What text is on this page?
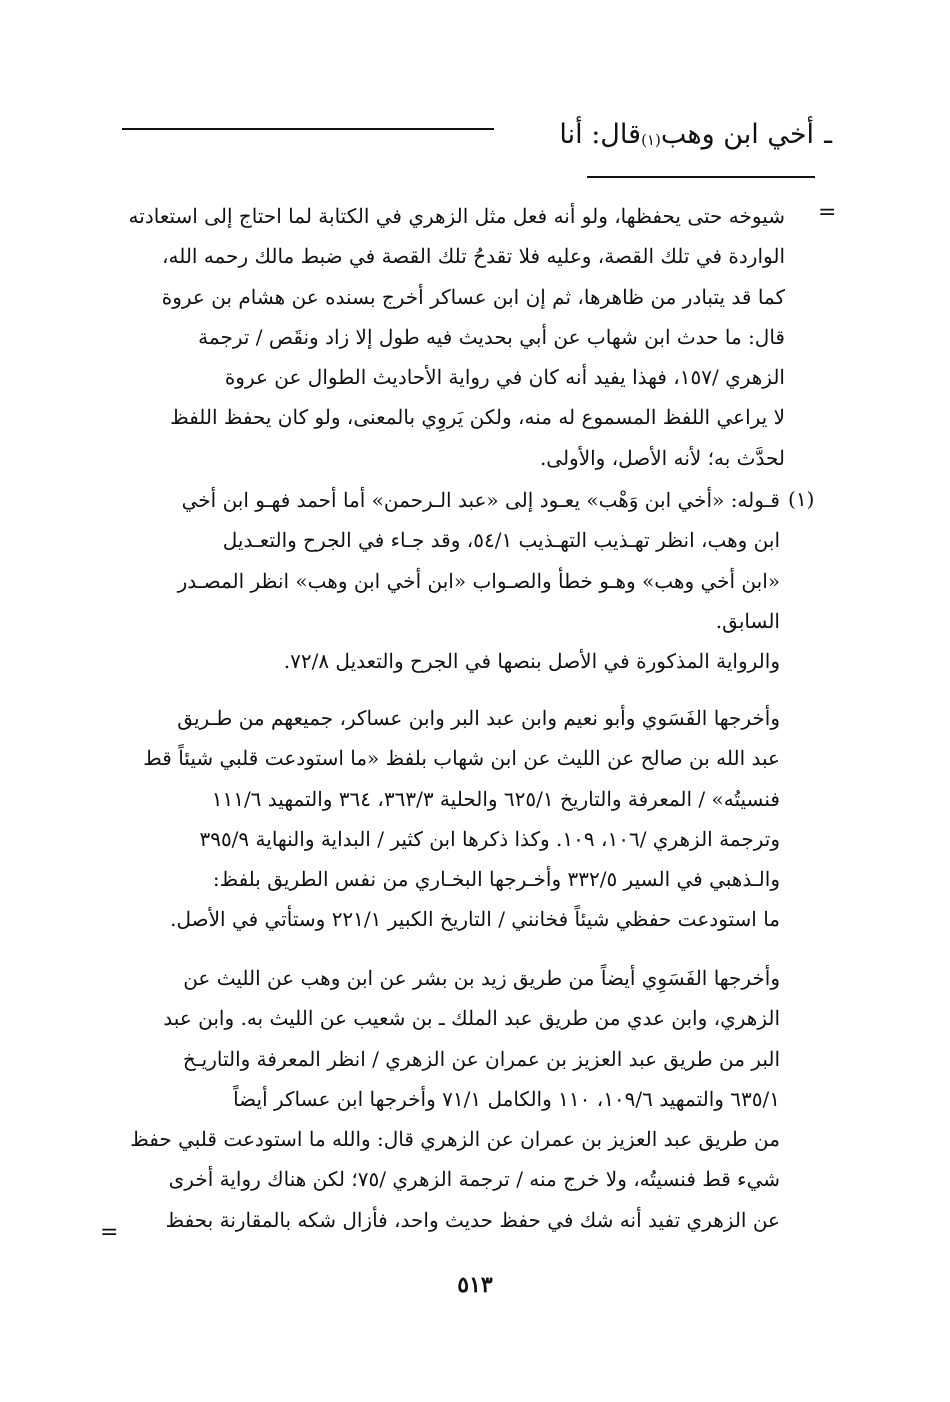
ـ
أخي ابن وهب
(١)
قال: أنا
=
شيوخه حتى يحفظها، ولو أنه فعل مثل الزهري في الكتابة لما احتاج إلى استعادته
الواردة في تلك القصة، وعليه فلا تقدحُ تلك القصة في ضبط مالك رحمه الله،
كما قد يتبادر من ظاهرها، ثم إن ابن عساكر أخرج بسنده عن هشام بن عروة
قال: ما حدث ابن شهاب عن أبي بحديث فيه طول إلا زاد ونقَص / ترجمة
الزهري /١٥٧، فهذا يفيد أنه كان في رواية الأحاديث الطوال عن عروة
لا يراعي اللفظ المسموع له منه، ولكن يَروِي بالمعنى، ولو كان يحفظ اللفظ
لحدَّث به؛ لأنه الأصل، والأولى.
(١)
قـوله: «أخي ابن وَهْب» يعـود إلى «عبد الـرحمن» أما أحمد فهـو ابن أخي
ابن وهب، انظر تهـذيب التهـذيب ٥٤/١، وقد جـاء في الجرح والتعـديل
«ابن أخي وهب» وهـو خطأ والصـواب «ابن أخي ابن وهب» انظر المصـدر
السابق.
والرواية المذكورة في الأصل بنصها في الجرح والتعديل ٧٢/٨.
وأخرجها الفَسَوي وأبو نعيم وابن عبد البر وابن عساكر، جميعهم من طـريق
عبد الله بن صالح عن الليث عن ابن شهاب بلفظ «ما استودعت قلبي شيئاً قط
فنسيتُه» / المعرفة والتاريخ ٦٢٥/١ والحلية ٣٦٣/٣، ٣٦٤ والتمهيد ١١١/٦
وترجمة الزهري /١٠٦، ١٠٩. وكذا ذكرها ابن كثير / البداية والنهاية ٣٩٥/٩
والـذهبي في السير ٣٣٢/٥ وأخـرجها البخـاري من نفس الطريق بلفظ:
ما استودعت حفظي شيئاً فخانني / التاريخ الكبير ٢٢١/١ وستأتي في الأصل.
وأخرجها الفَسَوِي أيضاً من طريق زيد بن بشر عن ابن وهب عن الليث عن
الزهري، وابن عدي من طريق عبد الملك ـ بن شعيب عن الليث به. وابن عبد
البر من طريق عبد العزيز بن عمران عن الزهري / انظر المعرفة والتاريـخ
٦٣٥/١ والتمهيد ١٠٩/٦، ١١٠ والكامل ٧١/١ وأخرجها ابن عساكر أيضاً
من طريق عبد العزيز بن عمران عن الزهري قال: والله ما استودعت قلبي حفظ
شيء قط فنسيتُه، ولا خرج منه / ترجمة الزهري /٧٥؛ لكن هناك رواية أخرى
عن الزهري تفيد أنه شك في حفظ حديث واحد، فأزال شكه بالمقارنة بحفظ
=
٥١٣
